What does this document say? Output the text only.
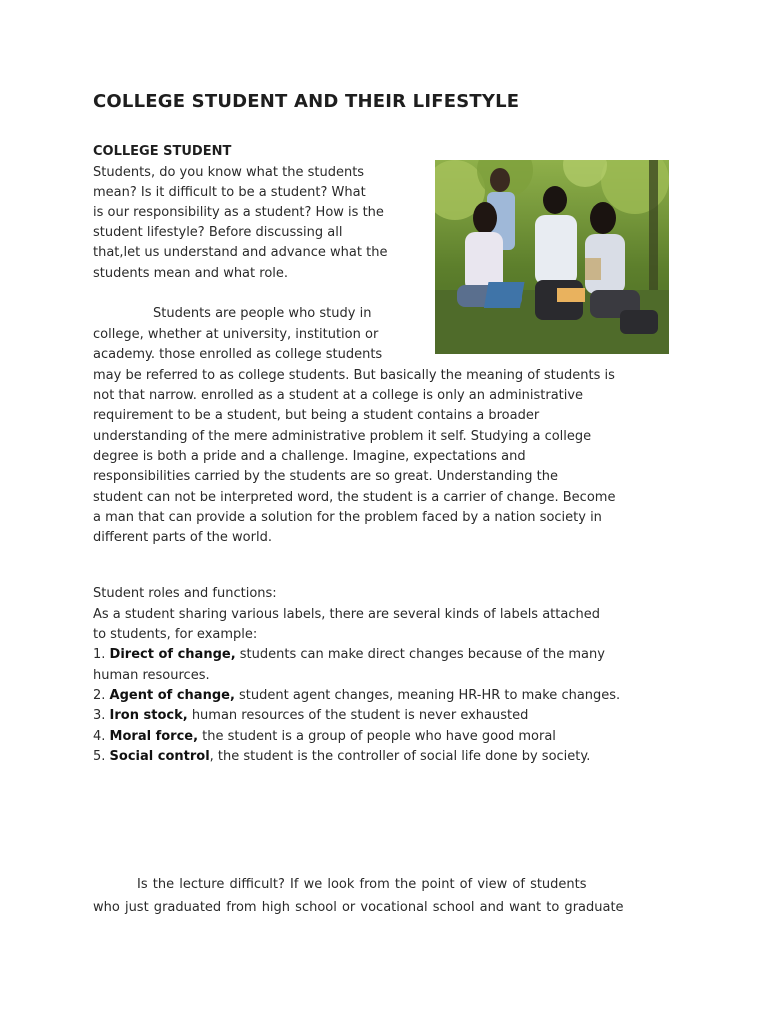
COLLEGE STUDENT AND THEIR LIFESTYLE
COLLEGE STUDENT

Students, do you know what the students

mean? Is it difficult to be a student? What

is our responsibility as a student? How is the

student lifestyle? Before discussing all

that,let us understand and advance what the

students mean and what role.

Students are people who study in

college, whether at university, institution or

academy. those enrolled as college students

may be referred to as college students. But basically the meaning of students is

not that narrow. enrolled as a student at a college is only an administrative

requirement to be a student, but being a student contains a broader

understanding of the mere administrative problem it self. Studying a college

degree is both a pride and a challenge. Imagine, expectations and

responsibilities carried by the students are so great. Understanding the

student can not be interpreted word, the student is a carrier of change. Become

a man that can provide a solution for the problem faced by a nation society in

different parts of the world.

Student roles and functions:

As a student sharing various labels, there are several kinds of labels attached

to students, for example:

1. Direct of change, students can make direct changes because of the many

human resources.

2. Agent of change, student agent changes, meaning HR-HR to make changes.

3. Iron stock, human resources of the student is never exhausted

4. Moral force, the student is a group of people who have good moral

5. Social control, the student is the controller of social life done by society.

Is the lecture difficult? If we look from the point of view of students

who just graduated from high school or vocational school and want to graduate
